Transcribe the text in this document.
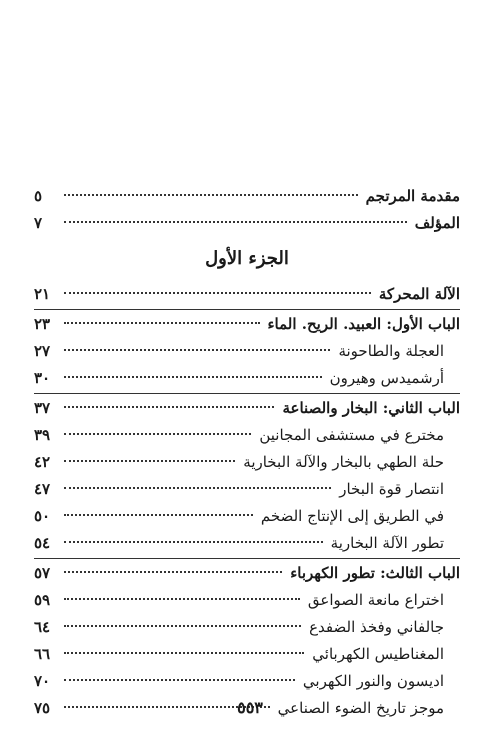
مقدمة المرتجم
٥
المؤلف
٧
الجزء الأول
الآلة المحركة
٢١
الباب الأول: العبيد. الريح. الماء
٢٣
العجلة والطاحونة
٢٧
أرشميدس وهيرون
٣٠
الباب الثاني: البخار والصناعة
٣٧
مخترع في مستشفى المجانين
٣٩
حلة الطهي بالبخار والآلة البخارية
٤٢
انتصار قوة البخار
٤٧
في الطريق إلى الإنتاج الضخم
٥٠
تطور الآلة البخارية
٥٤
الباب الثالث: تطور الكهرباء
٥٧
اختراع مانعة الصواعق
٥٩
جالفاني وفخذ الضفدع
٦٤
المغناطيس الكهربائي
٦٦
اديسون والنور الكهربي
٧٠
موجز تاريخ الضوء الصناعي
٧٥	٥٥٣
